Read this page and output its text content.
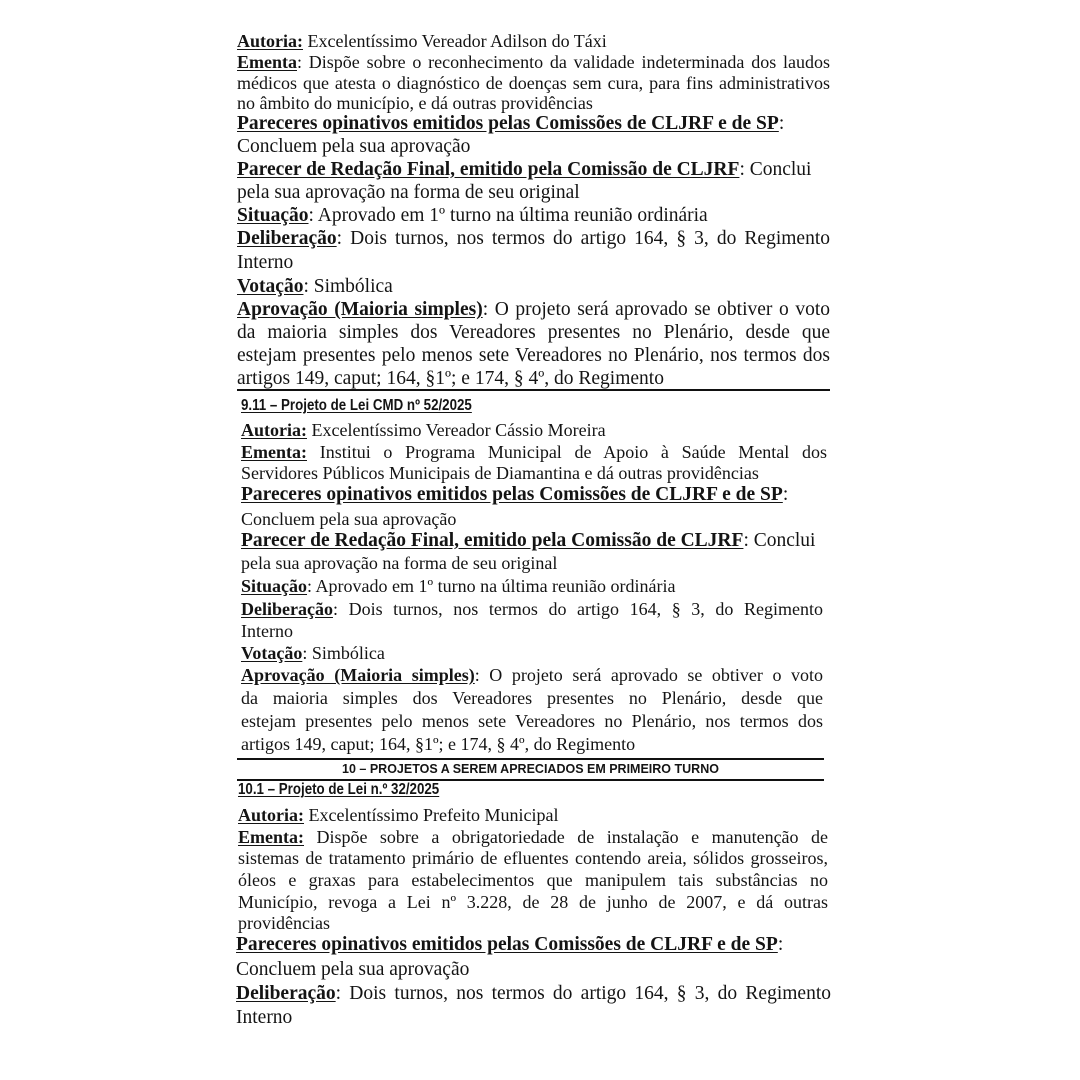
Autoria: Excelentíssimo Vereador Adilson do Táxi
Ementa: Dispõe sobre o reconhecimento da validade indeterminada dos laudos
médicos que atesta o diagnóstico de doenças sem cura, para fins administrativos
no âmbito do município, e dá outras providências
Pareceres opinativos emitidos pelas Comissões de CLJRF e de SP:
Concluem pela sua aprovação
Parecer de Redação Final, emitido pela Comissão de CLJRF: Conclui
pela sua aprovação na forma de seu original
Situação: Aprovado em 1º turno na última reunião ordinária
Deliberação: Dois turnos, nos termos do artigo 164, § 3, do Regimento
Interno
Votação: Simbólica
Aprovação (Maioria simples): O projeto será aprovado se obtiver o voto
da maioria simples dos Vereadores presentes no Plenário, desde que
estejam presentes pelo menos sete Vereadores no Plenário, nos termos dos
artigos 149, caput; 164, §1º; e 174, § 4º, do Regimento
9.11 – Projeto de Lei CMD nº 52/2025
Autoria: Excelentíssimo Vereador Cássio Moreira
Ementa: Institui o Programa Municipal de Apoio à Saúde Mental dos
Servidores Públicos Municipais de Diamantina e dá outras providências
Pareceres opinativos emitidos pelas Comissões de CLJRF e de SP:
Concluem pela sua aprovação
Parecer de Redação Final, emitido pela Comissão de CLJRF: Conclui
pela sua aprovação na forma de seu original
Situação: Aprovado em 1º turno na última reunião ordinária
Deliberação: Dois turnos, nos termos do artigo 164, § 3, do Regimento
Interno
Votação: Simbólica
Aprovação (Maioria simples): O projeto será aprovado se obtiver o voto
da maioria simples dos Vereadores presentes no Plenário, desde que
estejam presentes pelo menos sete Vereadores no Plenário, nos termos dos
artigos 149, caput; 164, §1º; e 174, § 4º, do Regimento
10 – PROJETOS A SEREM APRECIADOS EM PRIMEIRO TURNO
10.1 – Projeto de Lei n.º 32/2025
Autoria: Excelentíssimo Prefeito Municipal
Ementa: Dispõe sobre a obrigatoriedade de instalação e manutenção de
sistemas de tratamento primário de efluentes contendo areia, sólidos grosseiros,
óleos e graxas para estabelecimentos que manipulem tais substâncias no
Município, revoga a Lei nº 3.228, de 28 de junho de 2007, e dá outras
providências
Pareceres opinativos emitidos pelas Comissões de CLJRF e de SP:
Concluem pela sua aprovação
Deliberação: Dois turnos, nos termos do artigo 164, § 3, do Regimento
Interno
